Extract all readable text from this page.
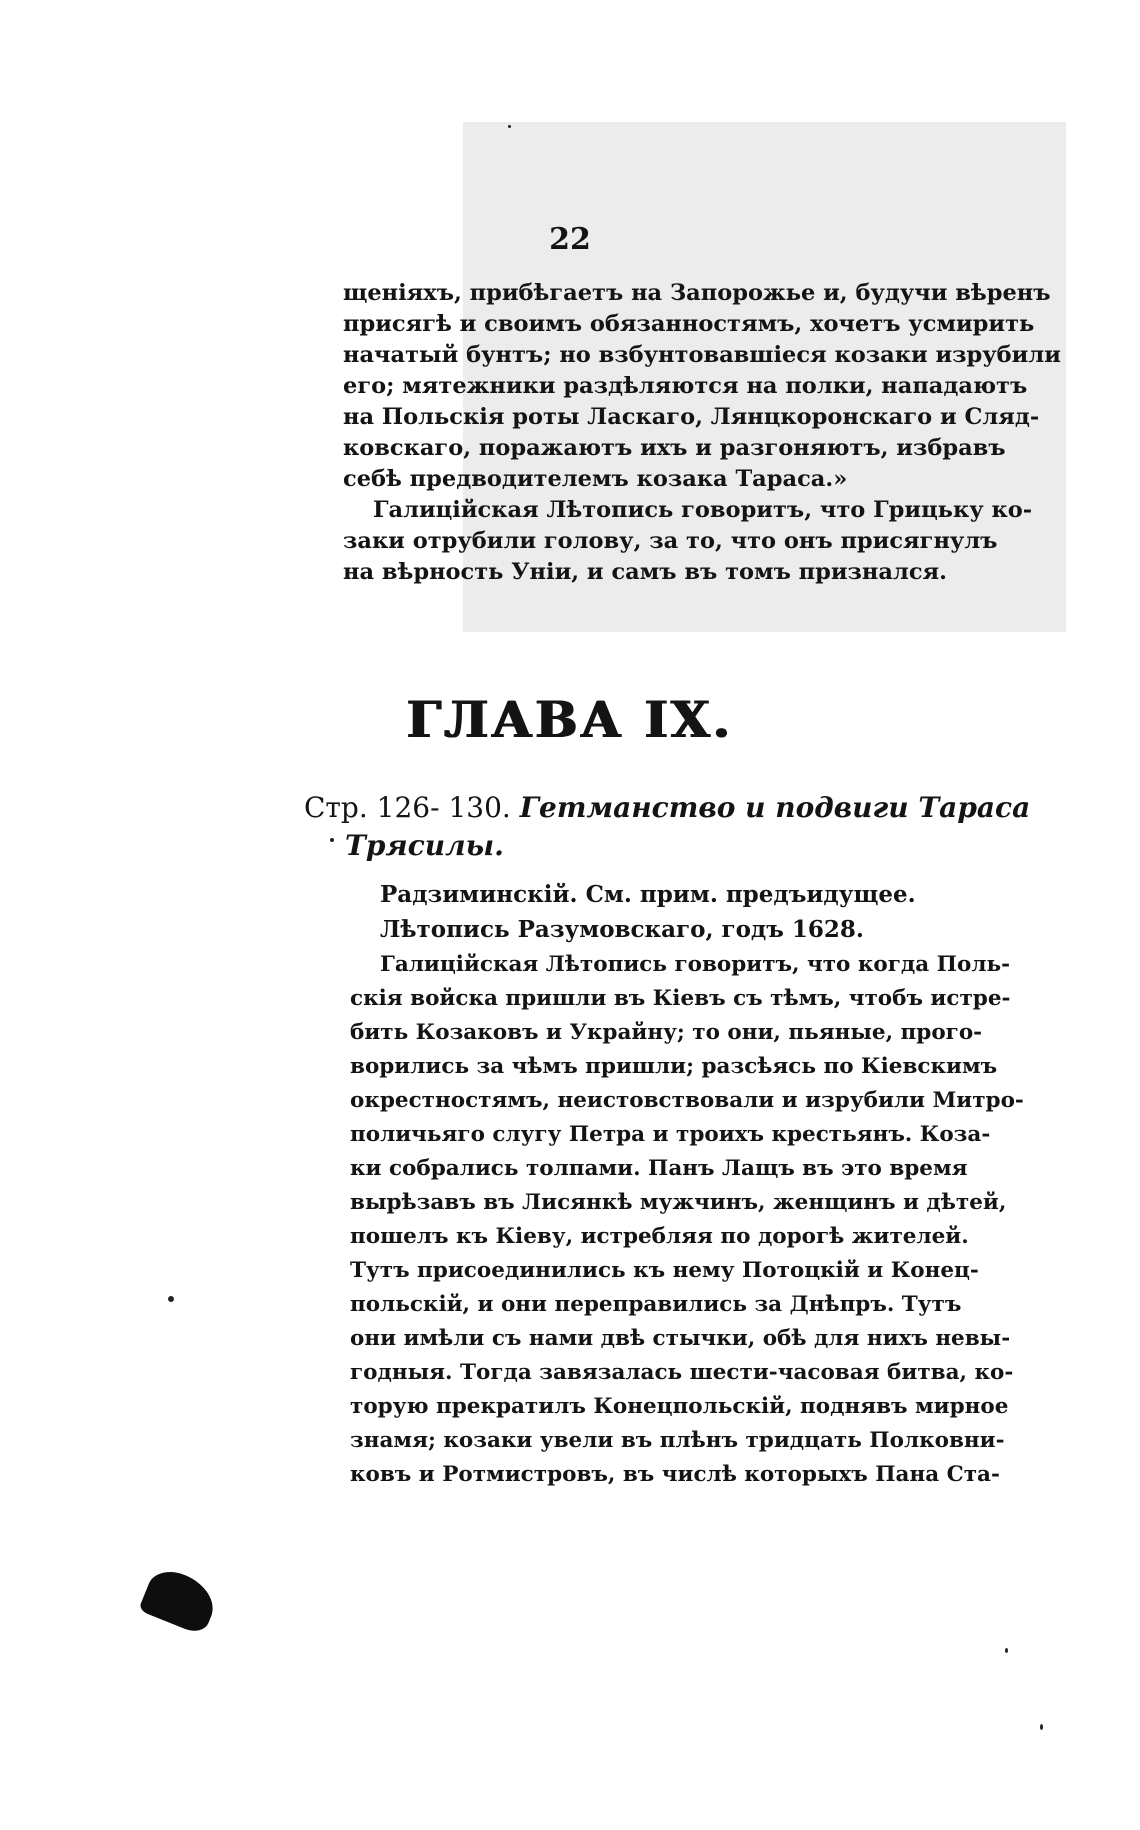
22
щеніяхъ, прибѣгаетъ на Запорожье и, будучи вѣренъ
присягѣ и своимъ обязанностямъ, хочетъ усмирить
начатый бунтъ; но взбунтовавшіеся козаки изрубили
его; мятежники раздѣляются на полки, нападаютъ
на Польскія роты Ласкаго, Лянцкоронскаго и Сляд-
ковскаго, поражаютъ ихъ и разгоняютъ, избравъ
себѣ предводителемъ козака Тараса.»
Галицiйская Лѣтопись говоритъ, что Грицьку ко-
заки отрубили голову, за то, что онъ присягнулъ
на вѣрность Уніи, и самъ въ томъ признался.
ГЛАВА IX.
Стр. 126- 130. Гетманство и подвиги Тараса
Трясилы.
Радзиминскій. См. прим. предъидущее.
Лѣтопись Разумовскаго, годъ 1628.
Галицiйская Лѣтопись говоритъ, что когда Поль-
скія войска пришли въ Кіевъ съ тѣмъ, чтобъ истре-
бить Козаковъ и Украйну; то они, пьяные, прого-
ворились за чѣмъ пришли; разсѣясь по Кіевскимъ
окрестностямъ, неистовствовали и изрубили Митро-
поличьяго слугу Петра и троихъ крестьянъ. Коза-
ки собрались толпами. Панъ Лащъ въ это время
вырѣзавъ въ Лисянкѣ мужчинъ, женщинъ и дѣтей,
пошелъ къ Кіеву, истребляя по дорогѣ жителей.
Тутъ присоединились къ нему Потоцкій и Конец-
польскій, и они переправились за Днѣпръ. Тутъ
они имѣли съ нами двѣ стычки, обѣ для нихъ невы-
годныя. Тогда завязалась шести-часовая битва, ко-
торую прекратилъ Конецпольскій, поднявъ мирное
знамя; козаки увели въ плѣнъ тридцать Полковни-
ковъ и Ротмистровъ, въ числѣ которыхъ Пана Ста-
